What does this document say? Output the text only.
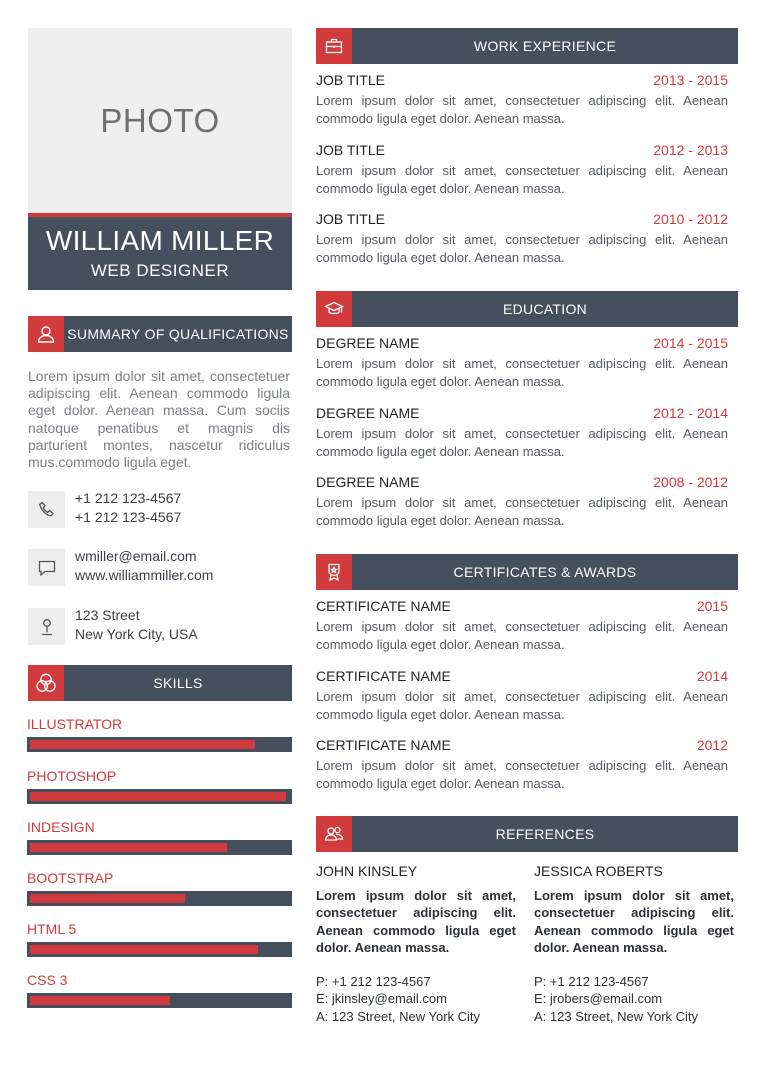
PHOTO
WILLIAM MILLER
WEB DESIGNER
SUMMARY OF QUALIFICATIONS
Lorem ipsum dolor sit amet, consectetuer adipiscing elit. Aenean commodo ligula eget dolor. Aenean massa. Cum sociis natoque penatibus et magnis dis parturient montes, nascetur ridiculus mus.commodo ligula eget.
+1 212 123-4567
+1 212 123-4567
wmiller@email.com
www.williammiller.com
123 Street
New York City, USA
SKILLS
ILLUSTRATOR
PHOTOSHOP
INDESIGN
BOOTSTRAP
HTML 5
CSS 3
WORK EXPERIENCE
JOB TITLE	2013 - 2015
Lorem ipsum dolor sit amet, consectetuer adipiscing elit. Aenean commodo ligula eget dolor. Aenean massa.
JOB TITLE	2012 - 2013
Lorem ipsum dolor sit amet, consectetuer adipiscing elit. Aenean commodo ligula eget dolor. Aenean massa.
JOB TITLE	2010 - 2012
Lorem ipsum dolor sit amet, consectetuer adipiscing elit. Aenean commodo ligula eget dolor. Aenean massa.
EDUCATION
DEGREE NAME	2014 - 2015
Lorem ipsum dolor sit amet, consectetuer adipiscing elit. Aenean commodo ligula eget dolor. Aenean massa.
DEGREE NAME	2012 - 2014
Lorem ipsum dolor sit amet, consectetuer adipiscing elit. Aenean commodo ligula eget dolor. Aenean massa.
DEGREE NAME	2008 - 2012
Lorem ipsum dolor sit amet, consectetuer adipiscing elit. Aenean commodo ligula eget dolor. Aenean massa.
CERTIFICATES & AWARDS
CERTIFICATE NAME	2015
Lorem ipsum dolor sit amet, consectetuer adipiscing elit. Aenean commodo ligula eget dolor. Aenean massa.
CERTIFICATE NAME	2014
Lorem ipsum dolor sit amet, consectetuer adipiscing elit. Aenean commodo ligula eget dolor. Aenean massa.
CERTIFICATE NAME	2012
Lorem ipsum dolor sit amet, consectetuer adipiscing elit. Aenean commodo ligula eget dolor. Aenean massa.
REFERENCES
JOHN KINSLEY
Lorem ipsum dolor sit amet, consectetuer adipiscing elit. Aenean commodo ligula eget dolor. Aenean massa.
P: +1 212 123-4567
E: jkinsley@email.com
A: 123 Street, New York City
JESSICA ROBERTS
Lorem ipsum dolor sit amet, consectetuer adipiscing elit. Aenean commodo ligula eget dolor. Aenean massa.
P: +1 212 123-4567
E: jrobers@email.com
A: 123 Street, New York City
